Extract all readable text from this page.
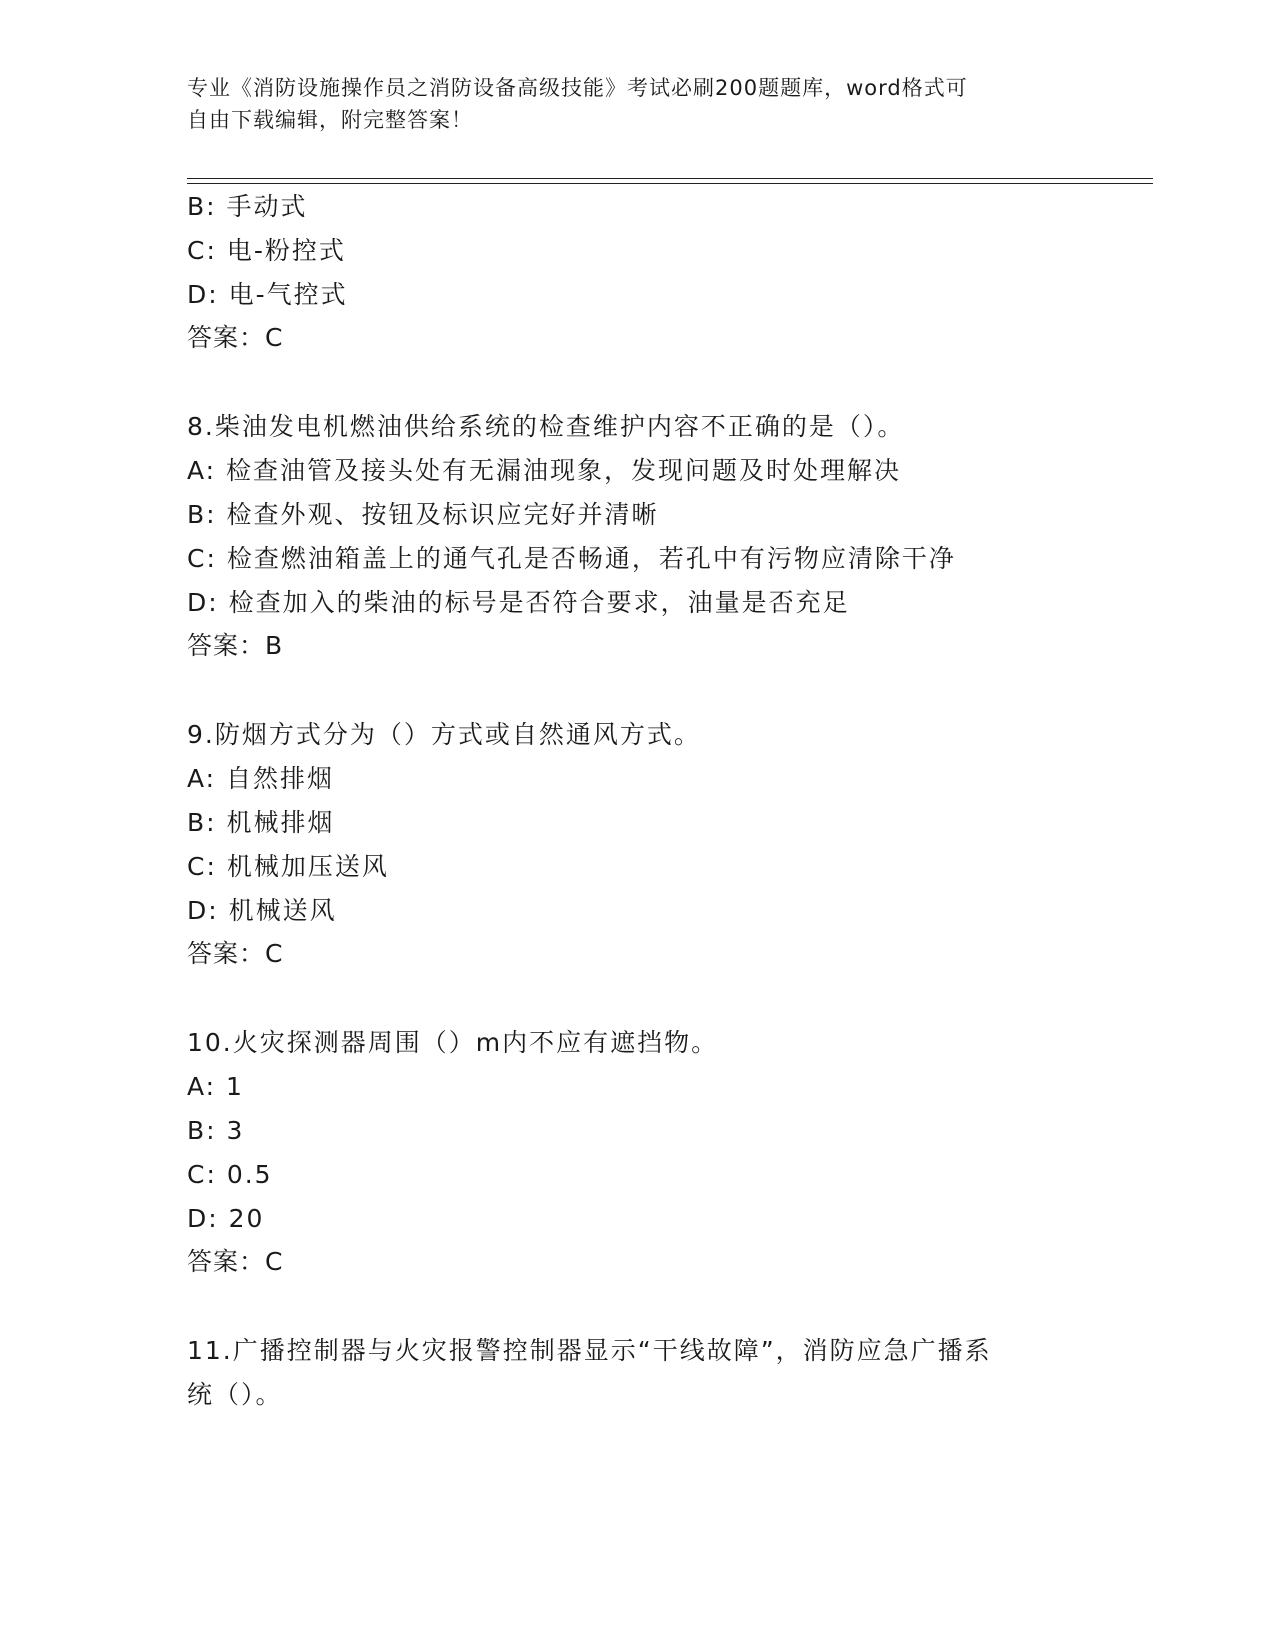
专业《消防设施操作员之消防设备高级技能》考试必刷200题题库，word格式可
自由下载编辑，附完整答案！
B: 手动式
C: 电-粉控式
D: 电-气控式
答案：C
8.柴油发电机燃油供给系统的检查维护内容不正确的是（）。
A: 检查油管及接头处有无漏油现象，发现问题及时处理解决
B: 检查外观、按钮及标识应完好并清晰
C: 检查燃油箱盖上的通气孔是否畅通，若孔中有污物应清除干净
D: 检查加入的柴油的标号是否符合要求，油量是否充足
答案：B
9.防烟方式分为（）方式或自然通风方式。
A: 自然排烟
B: 机械排烟
C: 机械加压送风
D: 机械送风
答案：C
10.火灾探测器周围（）m内不应有遮挡物。
A: 1
B: 3
C: 0.5
D: 20
答案：C
11.广播控制器与火灾报警控制器显示“干线故障”，消防应急广播系
统（）。
